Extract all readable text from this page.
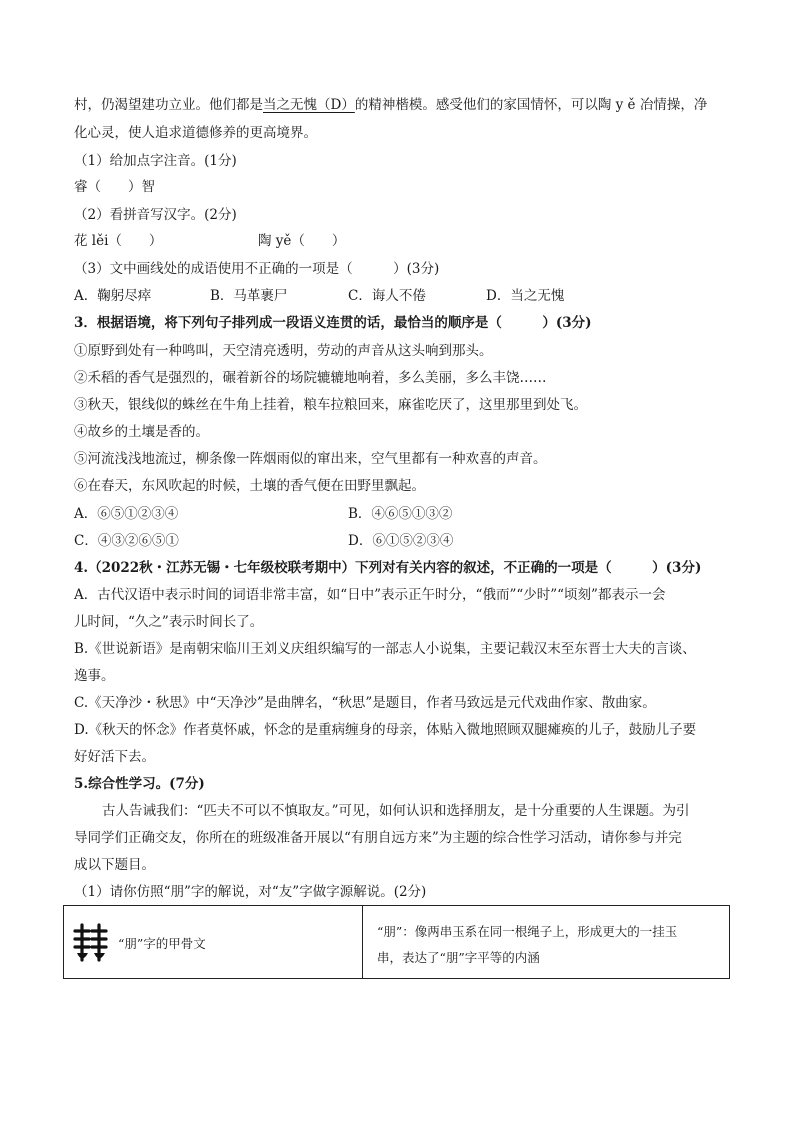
村，仍渴望建功立业。他们都是当之无愧（D）的精神楷模。感受他们的家国情怀，可以陶 y ě 冶情操，净
化心灵，使人追求道德修养的更高境界。
（1）给加点字注音。(1分)
睿（　　）智
（2）看拼音写汉字。(2分)
花 lěi（　　）	陶 yě（　　）
（3）文中画线处的成语使用不正确的一项是（　　　）(3分)
A．鞠躬尽瘁	B．马革裹尸	C．诲人不倦	D．当之无愧
3．根据语境，将下列句子排列成一段语义连贯的话，最恰当的顺序是（　　　）(3分)
①原野到处有一种鸣叫，天空清亮透明，劳动的声音从这头响到那头。
②禾稻的香气是强烈的，碾着新谷的场院辘辘地响着，多么美丽，多么丰饶……
③秋天，银线似的蛛丝在牛角上挂着，粮车拉粮回来，麻雀吃厌了，这里那里到处飞。
④故乡的土壤是香的。
⑤河流浅浅地流过，柳条像一阵烟雨似的窜出来，空气里都有一种欢喜的声音。
⑥在春天，东风吹起的时候，土壤的香气便在田野里飘起。
A．⑥⑤①②③④	B．④⑥⑤①③②
C．④③②⑥⑤①	D．⑥①⑤②③④
4.（2022秋・江苏无锡・七年级校联考期中）下列对有关内容的叙述，不正确的一项是（　　　）(3分)
A．古代汉语中表示时间的词语非常丰富，如“日中”表示正午时分，“俄而”“少时”“顷刻”都表示一会
儿时间，“久之”表示时间长了。
B.《世说新语》是南朝宋临川王刘义庆组织编写的一部志人小说集，主要记载汉末至东晋士大夫的言谈、
逸事。
C.《天净沙・秋思》中“天净沙”是曲牌名，“秋思”是题目，作者马致远是元代戏曲作家、散曲家。
D.《秋天的怀念》作者莫怀戚，怀念的是重病缠身的母亲，体贴入微地照顾双腿瘫痪的儿子，鼓励儿子要
好好活下去。
5.综合性学习。(7分)
古人告诫我们：“匹夫不可以不慎取友。”可见，如何认识和选择朋友，是十分重要的人生课题。为引
导同学们正确交友，你所在的班级准备开展以“有朋自远方来”为主题的综合性学习活动，请你参与并完
成以下题目。
（1）请你仿照“朋”字的解说，对“友”字做字源解说。(2分)
“朋”字的甲骨文

“朋”：像两串玉系在同一根绳子上，形成更大的一挂玉
串，表达了“朋”字平等的内涵
